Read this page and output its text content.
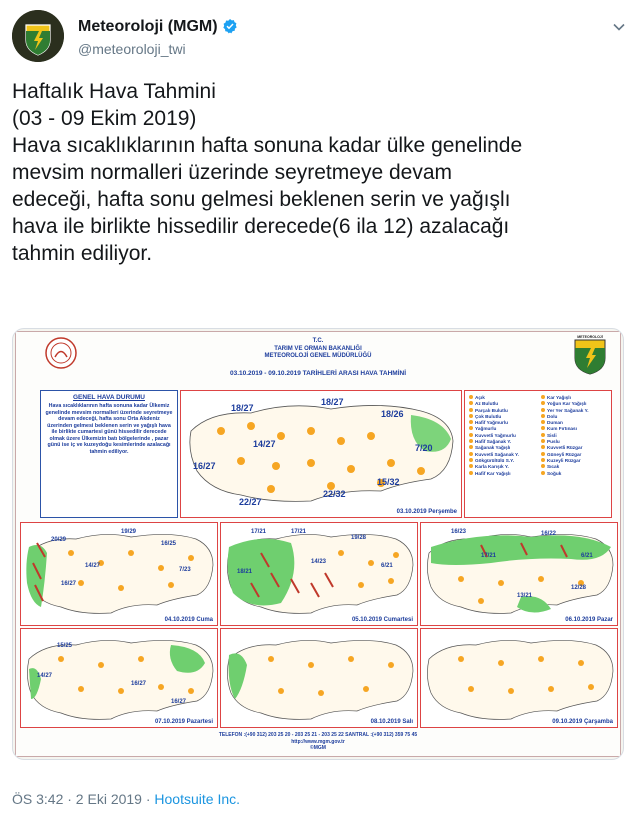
Meteoroloji (MGM)
@meteoroloji_twi
Haftalık Hava Tahmini
(03 - 09 Ekim 2019)
Hava sıcaklıklarının hafta sonuna kadar ülke genelinde
mevsim normalleri üzerinde seyretmeye devam
edeceği, hafta sonu gelmesi beklenen serin ve yağışlı
hava ile birlikte hissedilir derecede(6 ila 12) azalacağı
tahmin ediliyor.
METEOROLOJİ
T.C.
TARIM VE ORMAN BAKANLIĞI
METEOROLOJİ GENEL MÜDÜRLÜĞÜ
03.10.2019 - 09.10.2019 TARİHLERİ ARASI HAVA TAHMİNİ
GENEL HAVA DURUMU
Hava sıcaklıklarının hafta sonuna kadar Ülkemiz genelinde mevsim normalleri üzerinde seyretmeye devam edeceği, hafta sonu Orta Akdeniz üzerinden gelmesi beklenen serin ve yağışlı hava ile birlikte cumartesi günü hissedilir derecede olmak üzere Ülkemizin batı bölgelerinde , pazar günü ise iç ve kuzeydoğu kesimlerinde azalacağı tahmin ediliyor.
18/27
18/27
18/26
14/27
16/27
7/20
22/27
22/32
15/32
03.10.2019 Perşembe
Açık
Az Bulutlu
Parçalı Bulutlu
Çok Bulutlu
Hafif Yağmurlu
Yağmurlu
Kuvvetli Yağmurlu
Hafif Sağanak Y.
Sağanak Yağışlı
Kuvvetli Sağanak Y.
Gökgürültülü S.Y.
Karla Karışık Y.
Hafif Kar Yağışlı
Kar Yağışlı
Yoğun Kar Yağışlı
Yer Yer Sağanak Y.
Dolu
Duman
Kum Fırtınası
Sisli
Puslu
Kuvvetli Rüzgar
Güneyli Rüzgar
Kuzeyli Rüzgar
Sıcak
Soğuk
20/29
19/29
16/25
14/27
7/23
16/27
04.10.2019 Cuma
17/21	17/21
19/28
14/23
6/21
18/21
05.10.2019 Cumartesi
16/23	16/22
17/21	6/21
12/28
13/21
06.10.2019 Pazar
15/25
14/27
16/27
16/27
07.10.2019 Pazartesi	08.10.2019 Salı	09.10.2019 Çarşamba
TELEFON :(+90 312) 203 25 20 - 203 25 21 - 203 25 22 SANTRAL :(+90 312) 359 75 45
http://www.mgm.gov.tr
©MGM
ÖS 3:42 · 2 Eki 2019 · Hootsuite Inc.
